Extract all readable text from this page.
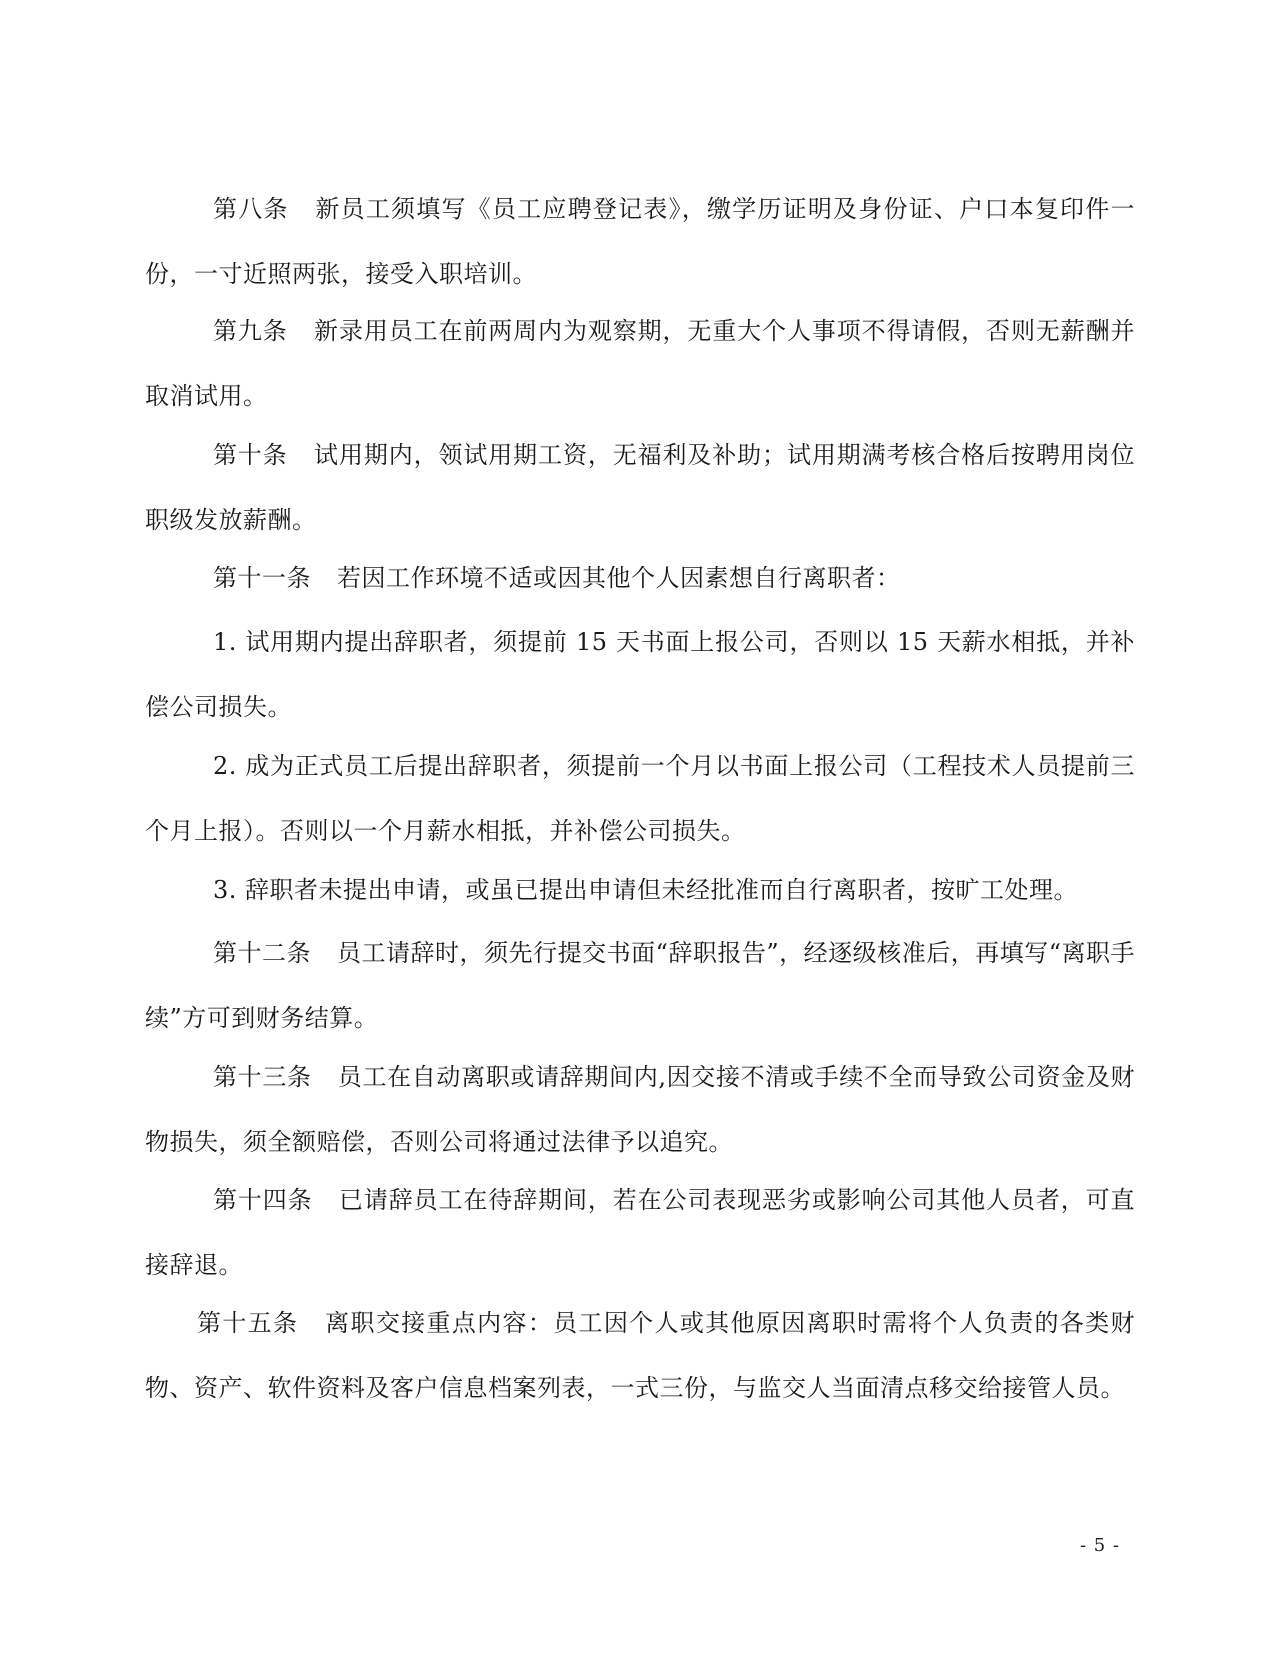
第八条 新员工须填写《员工应聘登记表》，缴学历证明及身份证、户口本复印件一份，一寸近照两张，接受入职培训。

第九条 新录用员工在前两周内为观察期，无重大个人事项不得请假，否则无薪酬并取消试用。

第十条 试用期内，领试用期工资，无福利及补助；试用期满考核合格后按聘用岗位职级发放薪酬。

第十一条 若因工作环境不适或因其他个人因素想自行离职者：

1. 试用期内提出辞职者，须提前 15 天书面上报公司，否则以 15 天薪水相抵，并补偿公司损失。

2. 成为正式员工后提出辞职者，须提前一个月以书面上报公司（工程技术人员提前三个月上报）。否则以一个月薪水相抵，并补偿公司损失。

3. 辞职者未提出申请，或虽已提出申请但未经批准而自行离职者，按旷工处理。

第十二条 员工请辞时，须先行提交书面“辞职报告”，经逐级核准后，再填写“离职手续”方可到财务结算。

第十三条 员工在自动离职或请辞期间内,因交接不清或手续不全而导致公司资金及财物损失，须全额赔偿，否则公司将通过法律予以追究。

第十四条 已请辞员工在待辞期间，若在公司表现恶劣或影响公司其他人员者，可直接辞退。

第十五条 离职交接重点内容：员工因个人或其他原因离职时需将个人负责的各类财物、资产、软件资料及客户信息档案列表，一式三份，与监交人当面清点移交给接管人员。

- 5 -
